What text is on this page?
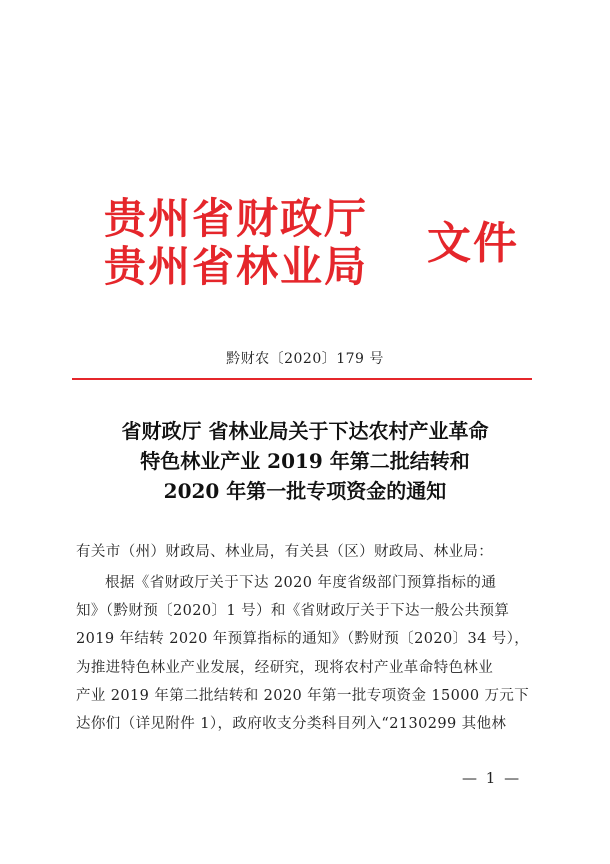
贵州省财政厅
贵州省林业局 文件
黔财农〔2020〕179 号
省财政厅 省林业局关于下达农村产业革命
特色林业产业 2019 年第二批结转和
2020 年第一批专项资金的通知
有关市（州）财政局、林业局，有关县（区）财政局、林业局：
根据《省财政厅关于下达 2020 年度省级部门预算指标的通
知》（黔财预〔2020〕1 号）和《省财政厅关于下达一般公共预算
2019 年结转 2020 年预算指标的通知》（黔财预〔2020〕34 号），
为推进特色林业产业发展，经研究，现将农村产业革命特色林业
产业 2019 年第二批结转和 2020 年第一批专项资金 15000 万元下
达你们（详见附件 1），政府收支分类科目列入“2130299 其他林
— 1 —
